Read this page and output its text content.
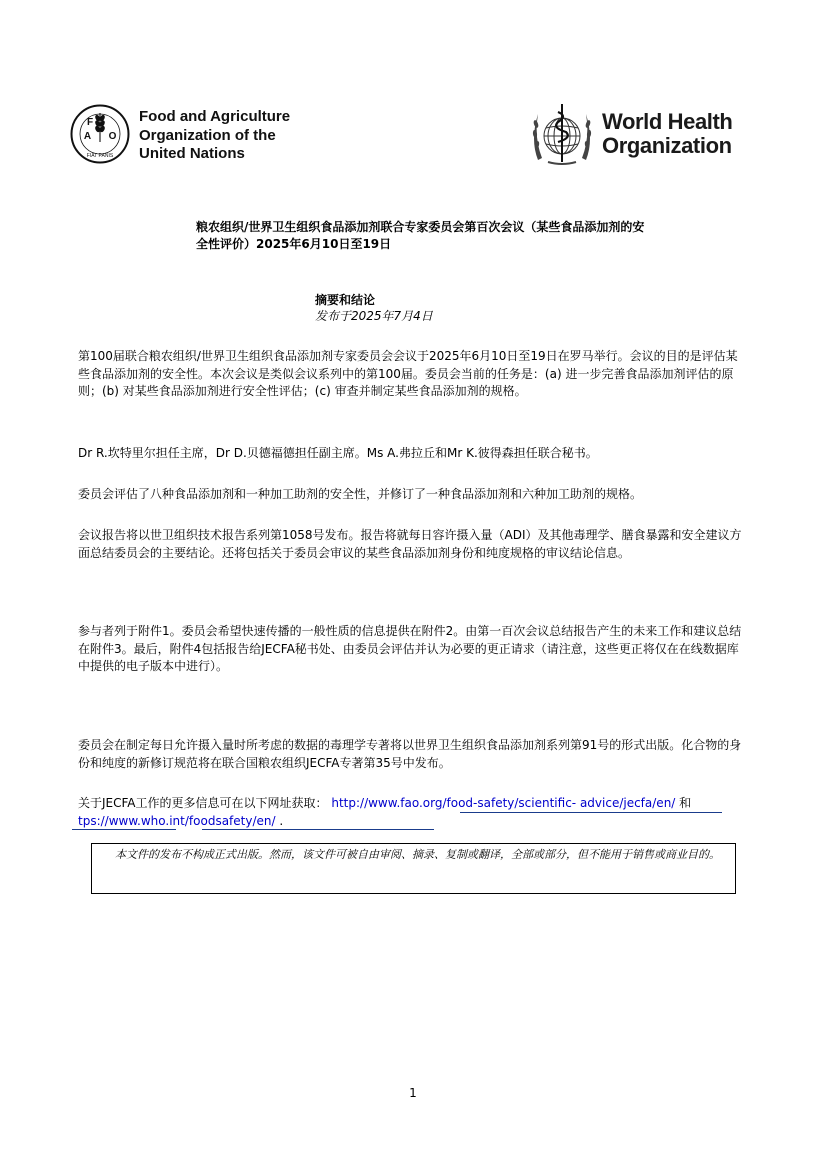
F
A O
FIAT PANIS
Food and Agriculture
Organization of the
United Nations
World Health
Organization
粮农组织/世界卫生组织食品添加剂联合专家委员会第百次会议（某些食品添加剂的安全性评价）2025年6月10日至19日
摘要和结论
发布于2025年7月4日
第100届联合粮农组织/世界卫生组织食品添加剂专家委员会会议于2025年6月10日至19日在罗马举行。会议的目的是评估某些食品添加剂的安全性。本次会议是类似会议系列中的第100届。委员会当前的任务是：(a) 进一步完善食品添加剂评估的原则；(b) 对某些食品添加剂进行安全性评估；(c) 审查并制定某些食品添加剂的规格。
Dr R.坎特里尔担任主席，Dr D.贝德福德担任副主席。Ms A.弗拉丘和Mr K.彼得森担任联合秘书。
委员会评估了八种食品添加剂和一种加工助剂的安全性，并修订了一种食品添加剂和六种加工助剂的规格。
会议报告将以世卫组织技术报告系列第1058号发布。报告将就每日容许摄入量（ADI）及其他毒理学、膳食暴露和安全建议方面总结委员会的主要结论。还将包括关于委员会审议的某些食品添加剂身份和纯度规格的审议结论信息。
参与者列于附件1。委员会希望快速传播的一般性质的信息提供在附件2。由第一百次会议总结报告产生的未来工作和建议总结在附件3。最后，附件4包括报告给JECFA秘书处、由委员会评估并认为必要的更正请求（请注意，这些更正将仅在在线数据库中提供的电子版本中进行）。
委员会在制定每日允许摄入量时所考虑的数据的毒理学专著将以世界卫生组织食品添加剂系列第91号的形式出版。化合物的身份和纯度的新修订规范将在联合国粮农组织JECFA专著第35号中发布。
关于JECFA工作的更多信息可在以下网址获取： http://www.fao.org/food-safety/scientific- advice/jecfa/en/ 和
tps://www.who.int/foodsafety/en/ .
本文件的发布不构成正式出版。然而，该文件可被自由审阅、摘录、复制或翻译，全部或部分，但不能用于销售或商业目的。
1
